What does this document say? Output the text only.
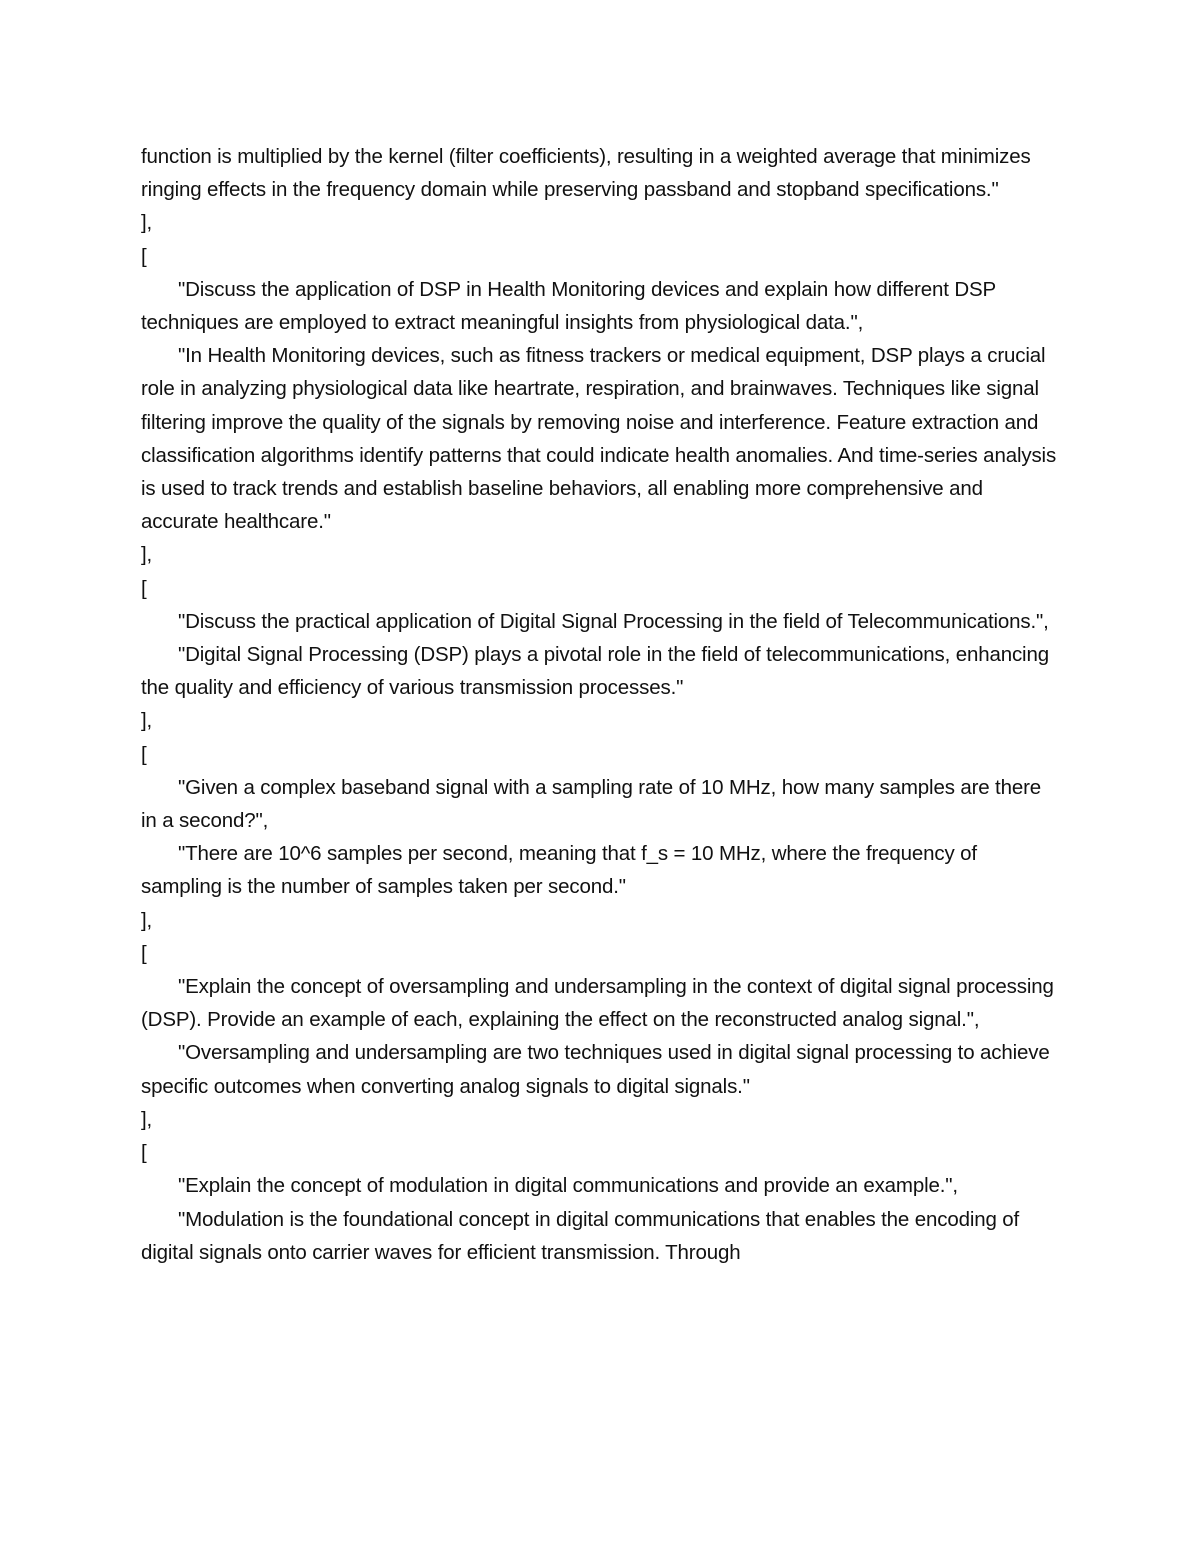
function is multiplied by the kernel (filter coefficients), resulting in a weighted average that minimizes ringing effects in the frequency domain while preserving passband and stopband specifications."

],

[

"Discuss the application of DSP in Health Monitoring devices and explain how different DSP techniques are employed to extract meaningful insights from physiological data.",

"In Health Monitoring devices, such as fitness trackers or medical equipment, DSP plays a crucial role in analyzing physiological data like heartrate, respiration, and brainwaves. Techniques like signal filtering improve the quality of the signals by removing noise and interference. Feature extraction and classification algorithms identify patterns that could indicate health anomalies. And time-series analysis is used to track trends and establish baseline behaviors, all enabling more comprehensive and accurate healthcare."

],

[

"Discuss the practical application of Digital Signal Processing in the field of Telecommunications.",

"Digital Signal Processing (DSP) plays a pivotal role in the field of telecommunications, enhancing the quality and efficiency of various transmission processes."

],

[

"Given a complex baseband signal with a sampling rate of 10 MHz, how many samples are there in a second?",

"There are 10^6 samples per second, meaning that f_s = 10 MHz, where the frequency of sampling is the number of samples taken per second."

],

[

"Explain the concept of oversampling and undersampling in the context of digital signal processing (DSP). Provide an example of each, explaining the effect on the reconstructed analog signal.",

"Oversampling and undersampling are two techniques used in digital signal processing to achieve specific outcomes when converting analog signals to digital signals."

],

[

"Explain the concept of modulation in digital communications and provide an example.",

"Modulation is the foundational concept in digital communications that enables the encoding of digital signals onto carrier waves for efficient transmission. Through
